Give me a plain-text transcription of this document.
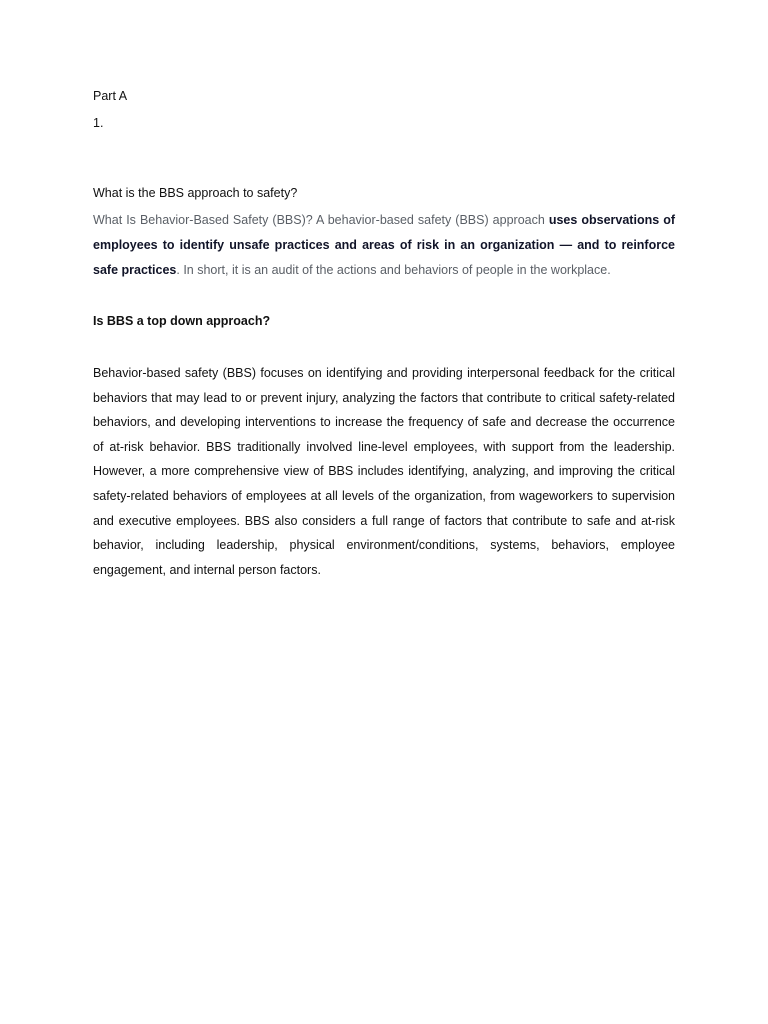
Part A

1.

What is the BBS approach to safety?

What Is Behavior-Based Safety (BBS)? A behavior-based safety (BBS) approach uses observations of employees to identify unsafe practices and areas of risk in an organization — and to reinforce safe practices. In short, it is an audit of the actions and behaviors of people in the workplace.

Is BBS a top down approach?

Behavior-based safety (BBS) focuses on identifying and providing interpersonal feedback for the critical behaviors that may lead to or prevent injury, analyzing the factors that contribute to critical safety-related behaviors, and developing interventions to increase the frequency of safe and decrease the occurrence of at-risk behavior. BBS traditionally involved line-level employees, with support from the leadership. However, a more comprehensive view of BBS includes identifying, analyzing, and improving the critical safety-related behaviors of employees at all levels of the organization, from wageworkers to supervision and executive employees. BBS also considers a full range of factors that contribute to safe and at-risk behavior, including leadership, physical environment/conditions, systems, behaviors, employee engagement, and internal person factors.
